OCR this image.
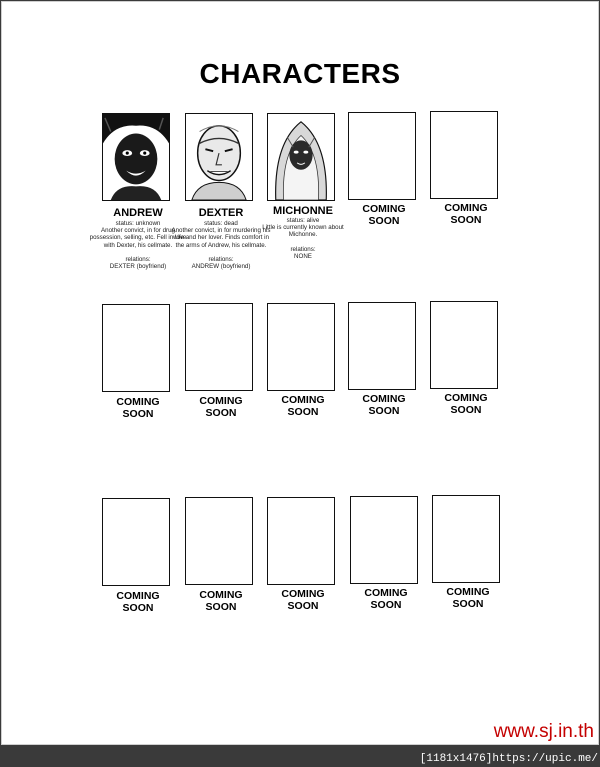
CHARACTERS
ANDREW

status: unknown

Another convict, in for drug possession, selling, etc. Fell in love with Dexter, his cellmate.

relations:

DEXTER (boyfriend)

DEXTER

status: dead

Another convict, in for murdering his wife and her lover. Finds comfort in the arms of Andrew, his cellmate.

relations:

ANDREW (boyfriend)

MICHONNE

status: alive

Little is currently known about Michonne.

relations:

NONE

COMING
SOON
COMING
SOON
COMING
SOON
COMING
SOON
COMING
SOON
COMING
SOON
COMING
SOON
COMING
SOON
COMING
SOON
COMING
SOON
COMING
SOON
COMING
SOON
www.sj.in.th
[1181x1476]https://upic.me/
